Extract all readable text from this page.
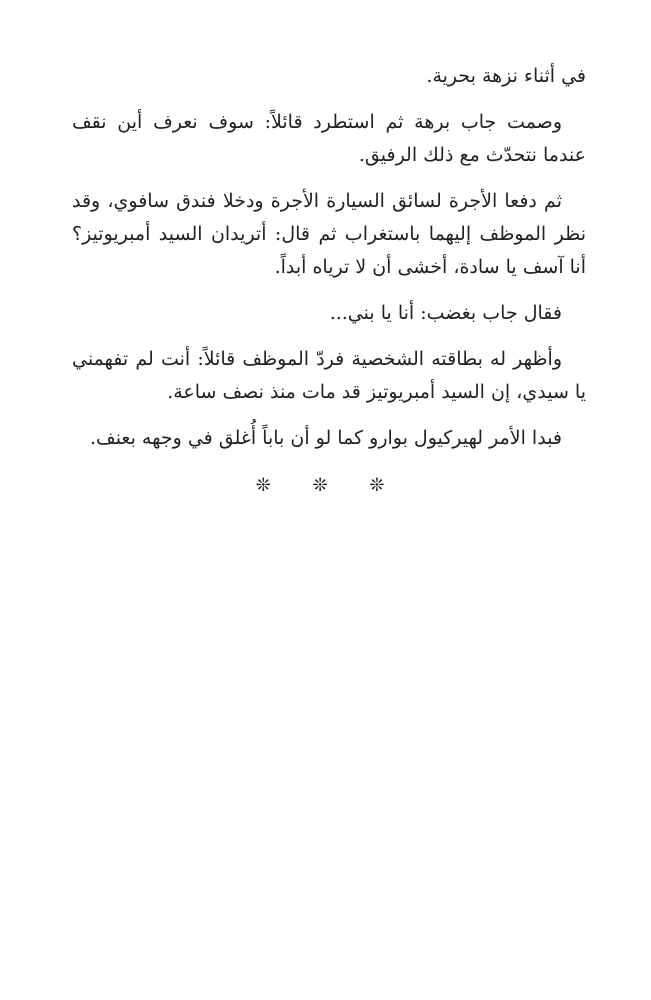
في أثناء نزهة بحرية.

وصمت جاب برهة ثم استطرد قائلاً: سوف نعرف أين نقف عندما نتحدّث مع ذلك الرفيق.

ثم دفعا الأجرة لسائق السيارة الأجرة ودخلا فندق سافوي، وقد نظر الموظف إليهما باستغراب ثم قال: أتريدان السيد أمبريوتيز؟ أنا آسف يا سادة، أخشى أن لا ترياه أبداً.

فقال جاب بغضب: أنا يا بني...

وأظهر له بطاقته الشخصية فردّ الموظف قائلاً: أنت لم تفهمني يا سيدي، إن السيد أمبريوتيز قد مات منذ نصف ساعة.

فبدا الأمر لهيركيول بوارو كما لو أن باباً أُغلق في وجهه بعنف.

❊ ❊ ❊
